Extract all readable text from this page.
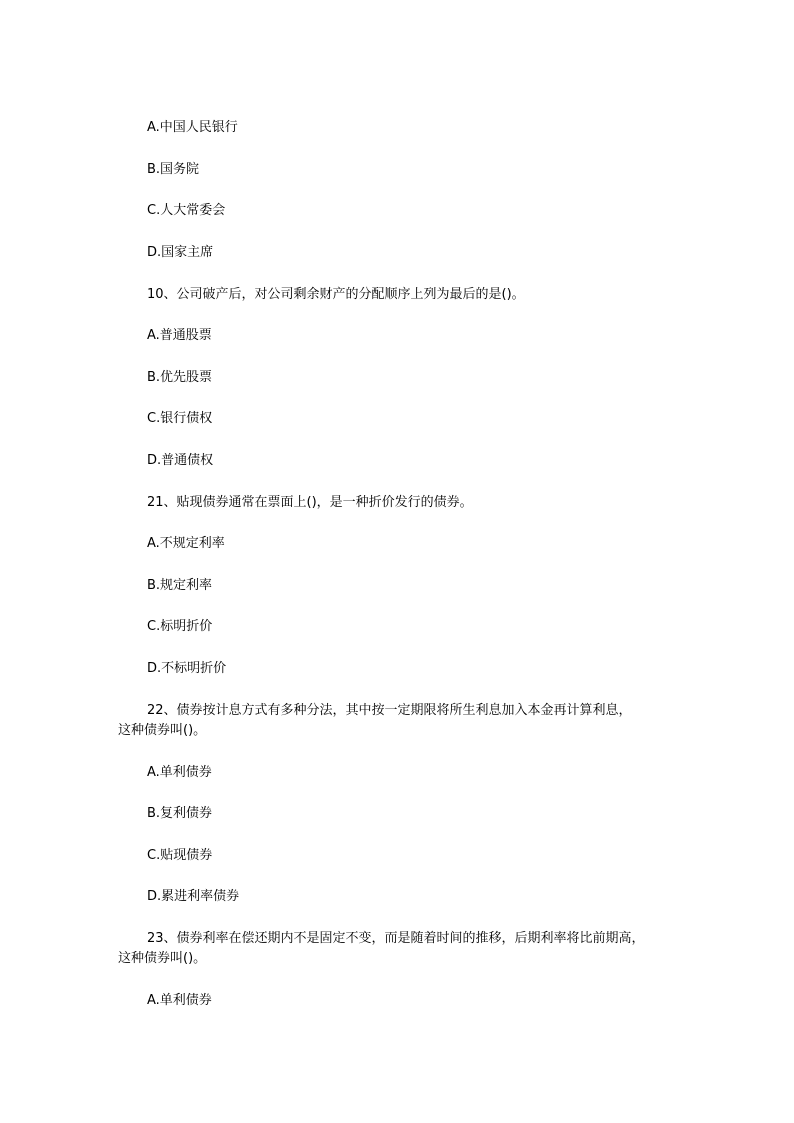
A.中国人民银行
B.国务院
C.人大常委会
D.国家主席
10、公司破产后，对公司剩余财产的分配顺序上列为最后的是()。
A.普通股票
B.优先股票
C.银行债权
D.普通债权
21、贴现债券通常在票面上()，是一种折价发行的债券。
A.不规定利率
B.规定利率
C.标明折价
D.不标明折价
22、债券按计息方式有多种分法，其中按一定期限将所生利息加入本金再计算利息，
这种债券叫()。
A.单利债券
B.复利债券
C.贴现债券
D.累进利率债券
23、债券利率在偿还期内不是固定不变，而是随着时间的推移，后期利率将比前期高，
这种债券叫()。
A.单利债券
